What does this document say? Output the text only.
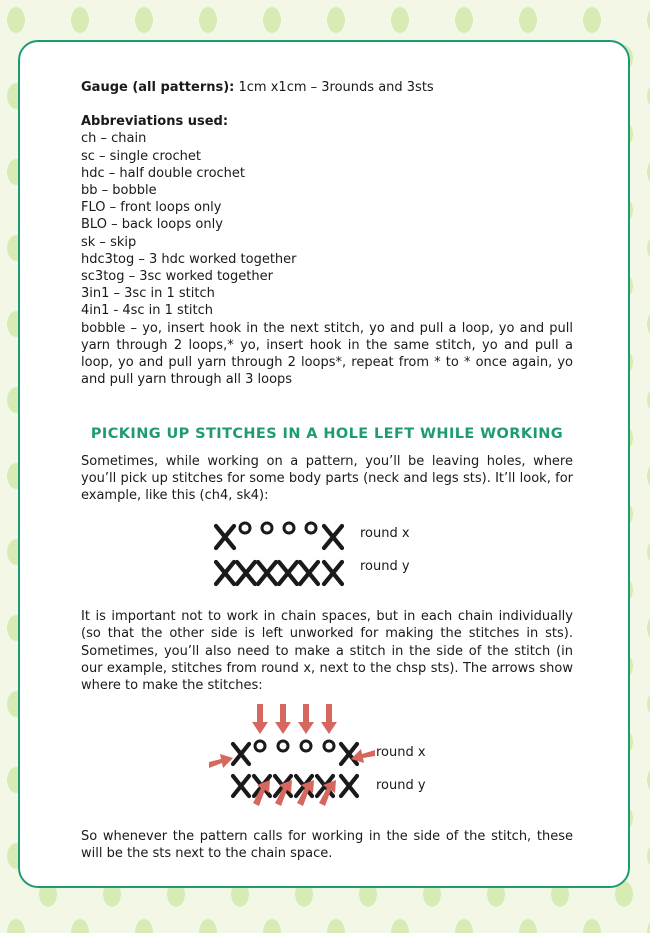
Gauge (all patterns): 1cm x1cm – 3rounds and 3sts

Abbreviations used:

ch – chain

sc – single crochet

hdc – half double crochet

bb – bobble

FLO – front loops only

BLO – back loops only

sk – skip

hdc3tog – 3 hdc worked together

sc3tog – 3sc worked together

3in1 – 3sc in 1 stitch

4in1 - 4sc in 1 stitch

bobble – yo, insert hook in the next stitch, yo and pull a loop, yo and pull yarn through 2 loops,* yo, insert hook in the same stitch, yo and pull a loop, yo and pull yarn through 2 loops*, repeat from * to * once again, yo and pull yarn through all 3 loops

PICKING UP STITCHES IN A HOLE LEFT WHILE WORKING

Sometimes, while working on a pattern, you’ll be leaving holes, where you’ll pick up stitches for some body parts (neck and legs sts). It’ll look, for example, like this (ch4, sk4):

round x
round y

It is important not to work in chain spaces, but in each chain individually (so that the other side is left unworked for making the stitches in sts). Sometimes, you’ll also need to make a stitch in the side of the stitch (in our example, stitches from round x, next to the chsp sts). The arrows show where to make the stitches:

round x
round y

So whenever the pattern calls for working in the side of the stitch, these will be the sts next to the chain space.
